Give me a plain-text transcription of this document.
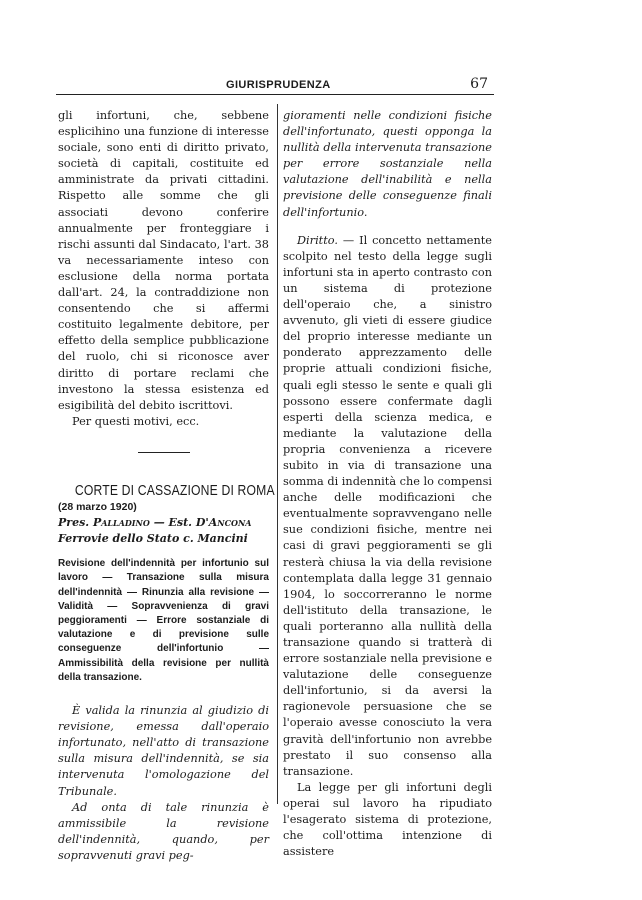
GIURISPRUDENZA	67

gli infortuni, che, sebbene esplicihino una funzione di interesse sociale, sono enti di diritto privato, società di capitali, costituite ed amministrate da privati cittadini. Rispetto alle somme che gli associati devono conferire annualmente per fronteggiare i rischi assunti dal Sindacato, l'art. 38 va necessariamente inteso con esclusione della norma portata dall'art. 24, la contraddizione non consentendo che si affermi costituito legalmente debitore, per effetto della semplice pubblicazione del ruolo, chi si riconosce aver diritto di portare reclami che investono la stessa esistenza ed esigibilità del debito iscrittovi.

Per questi motivi, ecc.

CORTE DI CASSAZIONE DI ROMA

(28 marzo 1920)

Pres. Palladino — Est. D'Ancona

Ferrovie dello Stato c. Mancini

Revisione dell'indennità per infortunio sul lavoro — Transazione sulla misura dell'indennità — Rinunzia alla revisione — Validità — Sopravvenienza di gravi peggioramenti — Errore sostanziale di valutazione e di previsione sulle conseguenze dell'infortunio — Ammissibilità della revisione per nullità della transazione.

È valida la rinunzia al giudizio di revisione, emessa dall'operaio infortunato, nell'atto di transazione sulla misura dell'indennità, se sia intervenuta l'omologazione del Tribunale.

Ad onta di tale rinunzia è ammissibile la revisione dell'indennità, quando, per sopravvenuti gravi peg-

gioramenti nelle condizioni fisiche dell'infortunato, questi opponga la nullità della intervenuta transazione per errore sostanziale nella valutazione dell'inabilità e nella previsione delle conseguenze finali dell'infortunio.

Diritto. — Il concetto nettamente scolpito nel testo della legge sugli infortuni sta in aperto contrasto con un sistema di protezione dell'operaio che, a sinistro avvenuto, gli vieti di essere giudice del proprio interesse mediante un ponderato apprezzamento delle proprie attuali condizioni fisiche, quali egli stesso le sente e quali gli possono essere confermate dagli esperti della scienza medica, e mediante la valutazione della propria convenienza a ricevere subito in via di transazione una somma di indennità che lo compensi anche delle modificazioni che eventualmente sopravvengano nelle sue condizioni fisiche, mentre nei casi di gravi peggioramenti se gli resterà chiusa la via della revisione contemplata dalla legge 31 gennaio 1904, lo soccorreranno le norme dell'istituto della transazione, le quali porteranno alla nullità della transazione quando si tratterà di errore sostanziale nella previsione e valutazione delle conseguenze dell'infortunio, si da aversi la ragionevole persuasione che se l'operaio avesse conosciuto la vera gravità dell'infortunio non avrebbe prestato il suo consenso alla transazione.

La legge per gli infortuni degli operai sul lavoro ha ripudiato l'esagerato sistema di protezione, che coll'ottima intenzione di assistere
